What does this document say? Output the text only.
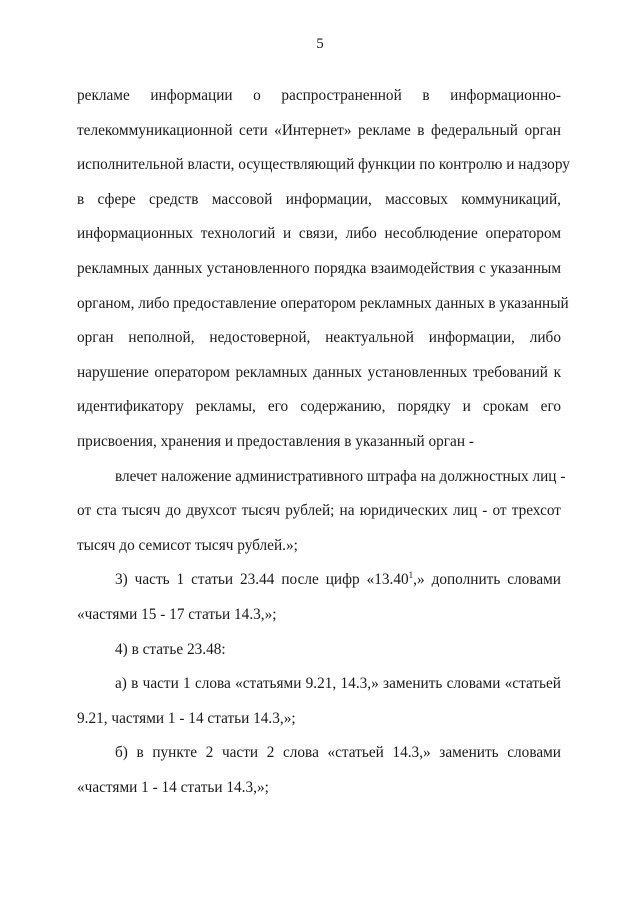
5

рекламе информации о распространенной в информационно-
телекоммуникационной сети «Интернет» рекламе в федеральный орган
исполнительной власти, осуществляющий функции по контролю и надзору
в сфере средств массовой информации, массовых коммуникаций,
информационных технологий и связи, либо несоблюдение оператором
рекламных данных установленного порядка взаимодействия с указанным
органом, либо предоставление оператором рекламных данных в указанный
орган неполной, недостоверной, неактуальной информации, либо
нарушение оператором рекламных данных установленных требований к
идентификатору рекламы, его содержанию, порядку и срокам его
присвоения, хранения и предоставления в указанный орган -

влечет наложение административного штрафа на должностных лиц -
от ста тысяч до двухсот тысяч рублей; на юридических лиц - от трехсот
тысяч до семисот тысяч рублей.»;

3) часть 1 статьи 23.44 после цифр «13.40$^1$,» дополнить словами
«частями 15 - 17 статьи 14.3,»;

4) в статье 23.48:

а) в части 1 слова «статьями 9.21, 14.3,» заменить словами «статьей
9.21, частями 1 - 14 статьи 14.3,»;

б) в пункте 2 части 2 слова «статьей 14.3,» заменить словами
«частями 1 - 14 статьи 14.3,»;
